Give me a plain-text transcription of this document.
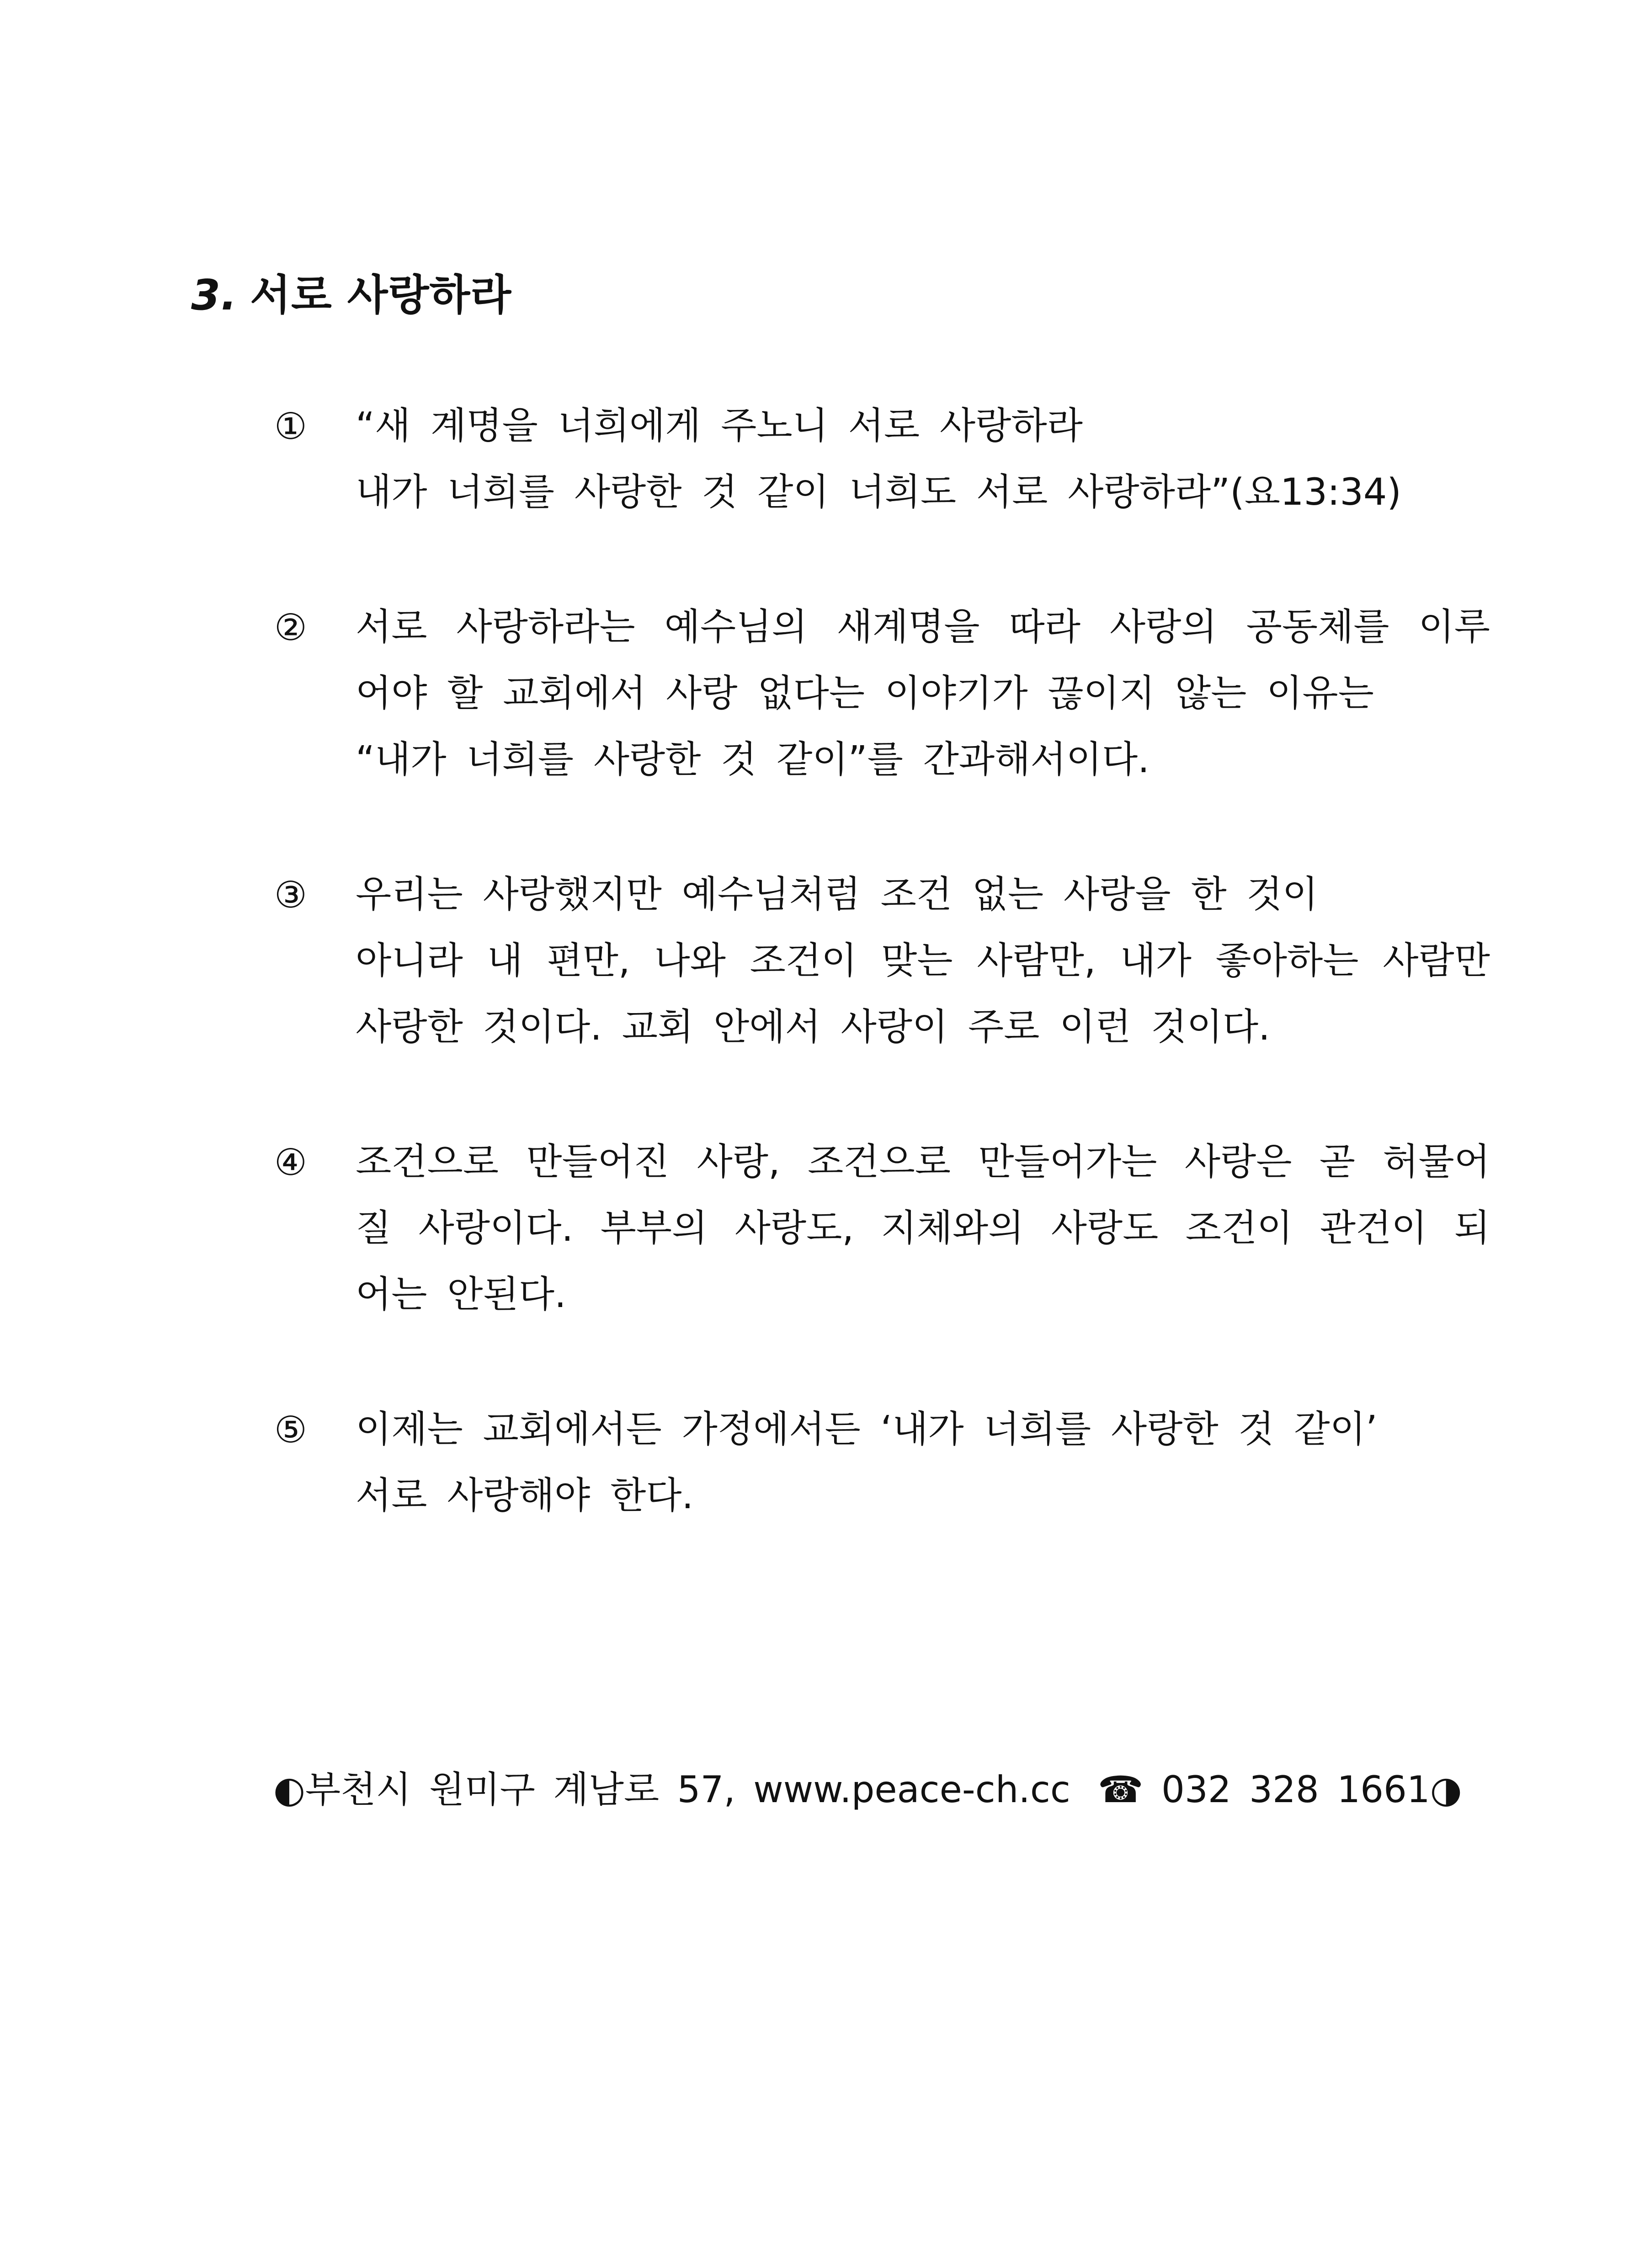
3. 서로 사랑하라
① “새 계명을 너희에게 주노니 서로 사랑하라
내가 너희를 사랑한 것 같이 너희도 서로 사랑하라”(요13:34)
② 서로 사랑하라는 예수님의 새계명을 따라 사랑의 공동체를 이루
어야 할 교회에서 사랑 없다는 이야기가 끊이지 않는 이유는
“내가 너희를 사랑한 것 같이”를 간과해서이다.
③ 우리는 사랑했지만 예수님처럼 조건 없는 사랑을 한 것이
아니라 내 편만, 나와 조건이 맞는 사람만, 내가 좋아하는 사람만
사랑한 것이다. 교회 안에서 사랑이 주로 이런 것이다.
④ 조건으로 만들어진 사랑, 조건으로 만들어가는 사랑은 곧 허물어
질 사랑이다. 부부의 사랑도, 지체와의 사랑도 조건이 관건이 되
어는 안된다.
⑤ 이제는 교회에서든 가정에서든 ‘내가 너희를 사랑한 것 같이’
서로 사랑해야 한다.
◐부천시 원미구 계남로 57, www.peace-ch.cc ☎ 032 328 1661◑
